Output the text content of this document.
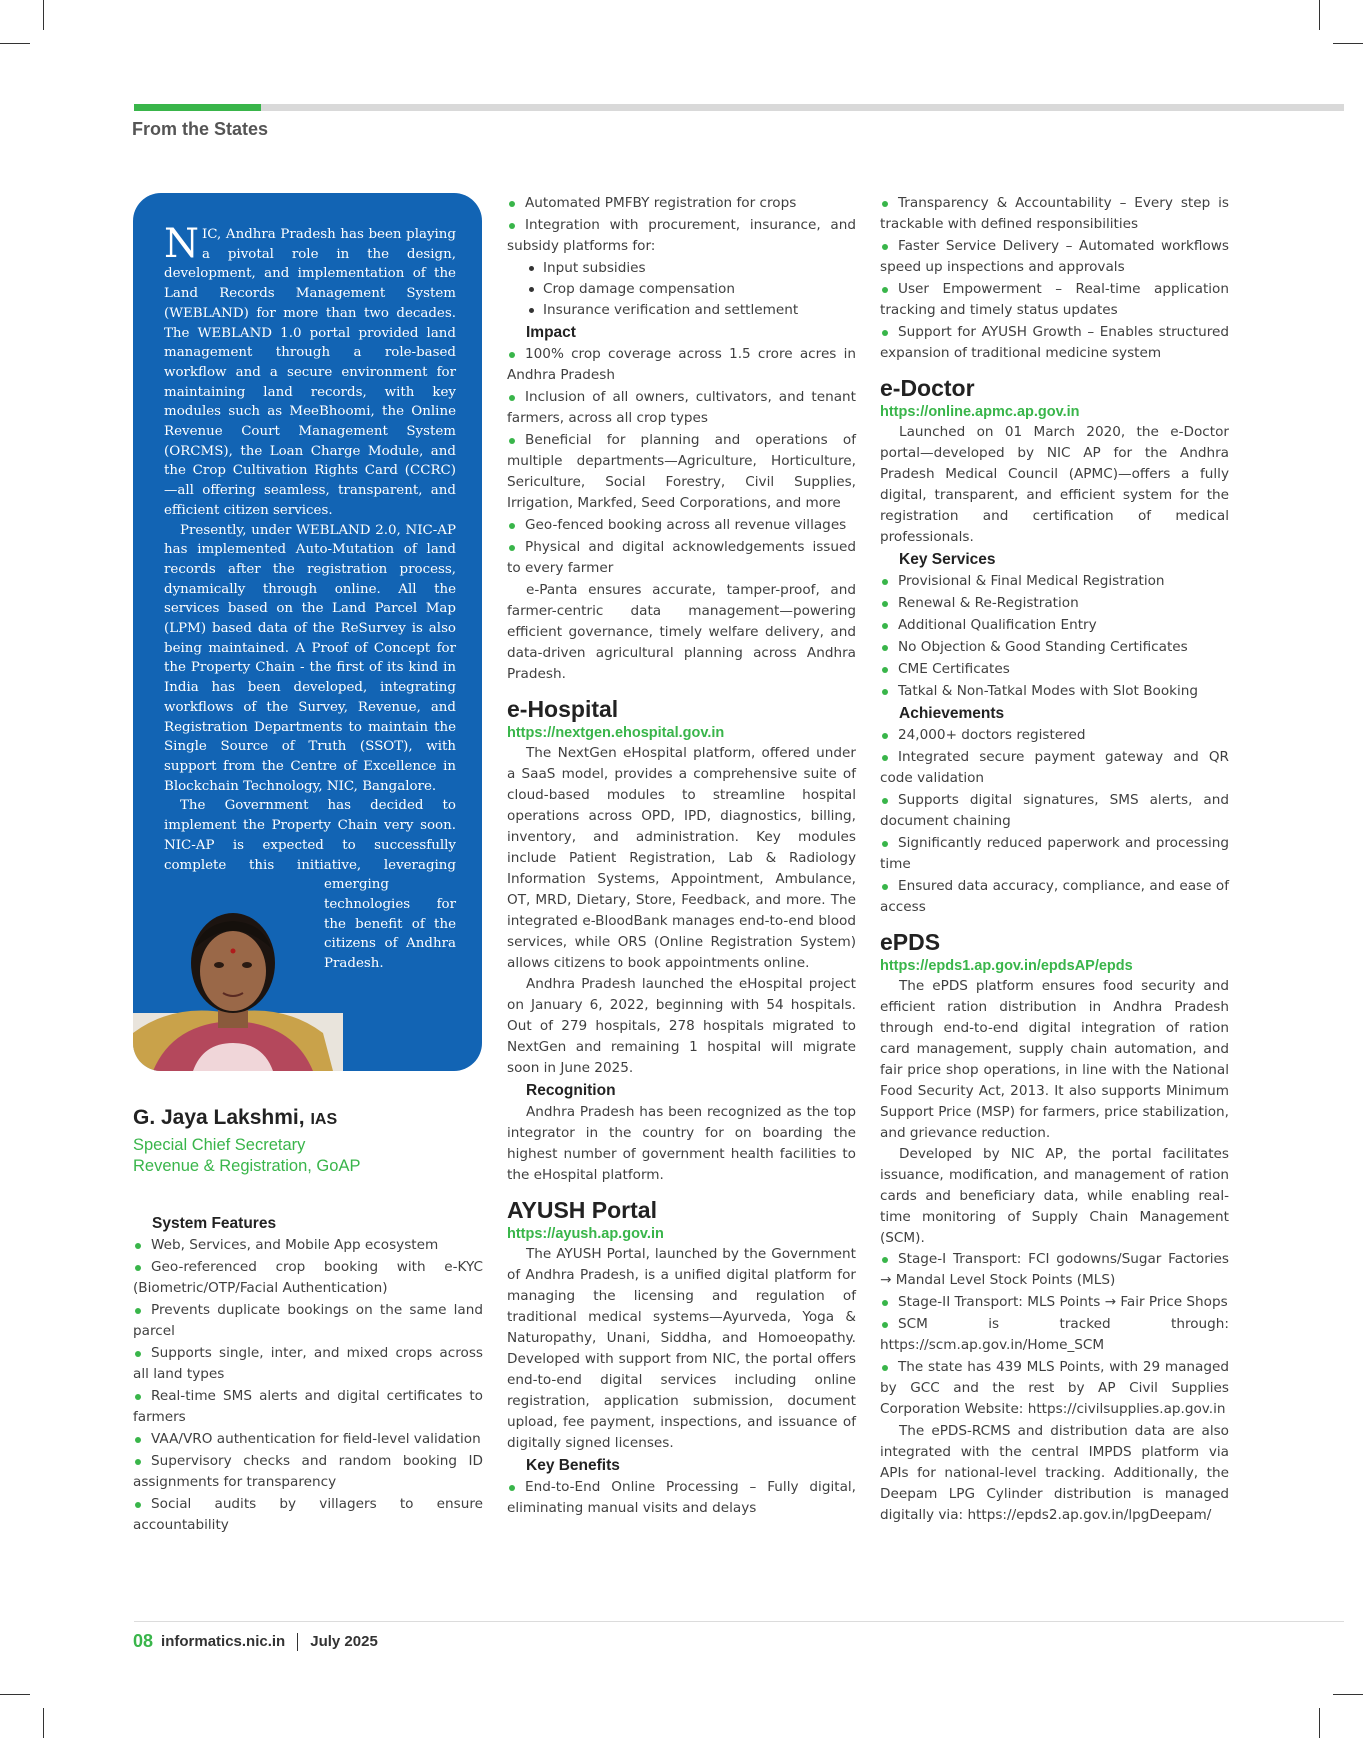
From the States

NIC, Andhra Pradesh has been playing a pivotal role in the design, development, and implementation of the Land Records Management System (WEBLAND) for more than two decades. The WEBLAND 1.0 portal provided land management through a role-based workflow and a secure environment for maintaining land records, with key modules such as MeeBhoomi, the Online Revenue Court Management System (ORCMS), the Loan Charge Module, and the Crop Cultivation Rights Card (CCRC)—all offering seamless, transparent, and efficient citizen services.

Presently, under WEBLAND 2.0, NIC-AP has implemented Auto-Mutation of land records after the registration process, dynamically through online. All the services based on the Land Parcel Map (LPM) based data of the ReSurvey is also being maintained. A Proof of Concept for the Property Chain - the first of its kind in India has been developed, integrating workflows of the Survey, Revenue, and Registration Departments to maintain the Single Source of Truth (SSOT), with support from the Centre of Excellence in Blockchain Technology, NIC, Bangalore.

The Government has decided to implement the Property Chain very soon. NIC-AP is expected to successfully complete this initiative, leveraging emerging technologies for the benefit of the citizens of Andhra Pradesh.

G. Jaya Lakshmi, IAS
Special Chief Secretary
Revenue & Registration, GoAP
System Features
Web, Services, and Mobile App ecosystem
Geo-referenced crop booking with e-KYC (Biometric/OTP/Facial Authentication)
Prevents duplicate bookings on the same land parcel
Supports single, inter, and mixed crops across all land types
Real-time SMS alerts and digital certificates to farmers
VAA/VRO authentication for field-level validation
Supervisory checks and random booking ID assignments for transparency
Social audits by villagers to ensure accountability
Automated PMFBY registration for crops
Integration with procurement, insurance, and subsidy platforms for:
Input subsidies
Crop damage compensation
Insurance verification and settlement
Impact
100% crop coverage across 1.5 crore acres in Andhra Pradesh
Inclusion of all owners, cultivators, and tenant farmers, across all crop types
Beneficial for planning and operations of multiple departments—Agriculture, Horticulture, Sericulture, Social Forestry, Civil Supplies, Irrigation, Markfed, Seed Corporations, and more
Geo-fenced booking across all revenue villages
Physical and digital acknowledgements issued to every farmer

e-Panta ensures accurate, tamper-proof, and farmer-centric data management—powering efficient governance, timely welfare delivery, and data-driven agricultural planning across Andhra Pradesh.

e-Hospital
https://nextgen.ehospital.gov.in

The NextGen eHospital platform, offered under a SaaS model, provides a comprehensive suite of cloud-based modules to streamline hospital operations across OPD, IPD, diagnostics, billing, inventory, and administration. Key modules include Patient Registration, Lab & Radiology Information Systems, Appointment, Ambulance, OT, MRD, Dietary, Store, Feedback, and more. The integrated e-BloodBank manages end-to-end blood services, while ORS (Online Registration System) allows citizens to book appointments online.

Andhra Pradesh launched the eHospital project on January 6, 2022, beginning with 54 hospitals. Out of 279 hospitals, 278 hospitals migrated to NextGen and remaining 1 hospital will migrate soon in June 2025.

Recognition

Andhra Pradesh has been recognized as the top integrator in the country for on boarding the highest number of government health facilities to the eHospital platform.

AYUSH Portal
https://ayush.ap.gov.in

The AYUSH Portal, launched by the Government of Andhra Pradesh, is a unified digital platform for managing the licensing and regulation of traditional medical systems—Ayurveda, Yoga & Naturopathy, Unani, Siddha, and Homoeopathy. Developed with support from NIC, the portal offers end-to-end digital services including online registration, application submission, document upload, fee payment, inspections, and issuance of digitally signed licenses.

Key Benefits
End-to-End Online Processing – Fully digital, eliminating manual visits and delays
Transparency & Accountability – Every step is trackable with defined responsibilities
Faster Service Delivery – Automated workflows speed up inspections and approvals
User Empowerment – Real-time application tracking and timely status updates
Support for AYUSH Growth – Enables structured expansion of traditional medicine system
e-Doctor
https://online.apmc.ap.gov.in

Launched on 01 March 2020, the e-Doctor portal—developed by NIC AP for the Andhra Pradesh Medical Council (APMC)—offers a fully digital, transparent, and efficient system for the registration and certification of medical professionals.

Key Services
Provisional & Final Medical Registration
Renewal & Re-Registration
Additional Qualification Entry
No Objection & Good Standing Certificates
CME Certificates
Tatkal & Non-Tatkal Modes with Slot Booking
Achievements
24,000+ doctors registered
Integrated secure payment gateway and QR code validation
Supports digital signatures, SMS alerts, and document chaining
Significantly reduced paperwork and processing time
Ensured data accuracy, compliance, and ease of access
ePDS
https://epds1.ap.gov.in/epdsAP/epds

The ePDS platform ensures food security and efficient ration distribution in Andhra Pradesh through end-to-end digital integration of ration card management, supply chain automation, and fair price shop operations, in line with the National Food Security Act, 2013. It also supports Minimum Support Price (MSP) for farmers, price stabilization, and grievance reduction.

Developed by NIC AP, the portal facilitates issuance, modification, and management of ration cards and beneficiary data, while enabling real-time monitoring of Supply Chain Management (SCM).

Stage-I Transport: FCI godowns/Sugar Factories → Mandal Level Stock Points (MLS)
Stage-II Transport: MLS Points → Fair Price Shops
SCM is tracked through: https://scm.ap.gov.in/Home_SCM
The state has 439 MLS Points, with 29 managed by GCC and the rest by AP Civil Supplies Corporation Website: https://civilsupplies.ap.gov.in

The ePDS-RCMS and distribution data are also integrated with the central IMPDS platform via APIs for national-level tracking. Additionally, the Deepam LPG Cylinder distribution is managed digitally via: https://epds2.ap.gov.in/lpgDeepam/

08 informatics.nic.in July 2025
